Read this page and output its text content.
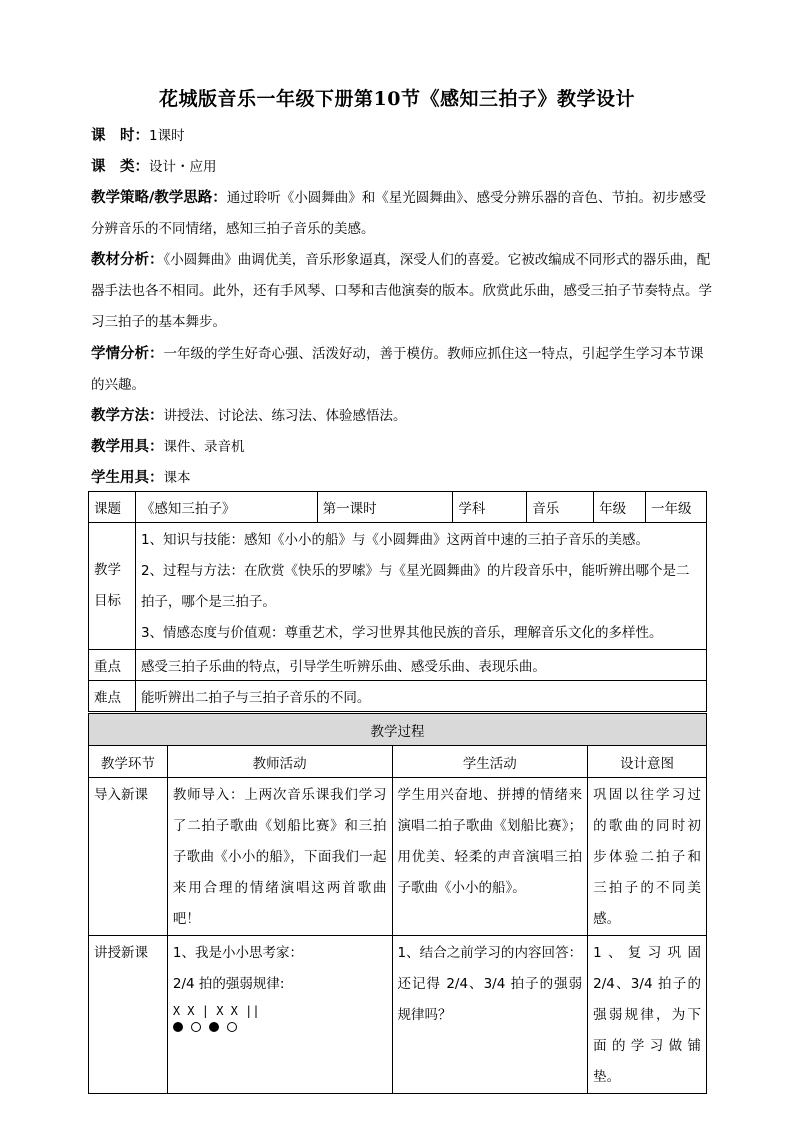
花城版音乐一年级下册第10节《感知三拍子》教学设计
课　时：1课时
课　类：设计・应用
教学策略/教学思路：通过聆听《小圆舞曲》和《星光圆舞曲》、感受分辨乐器的音色、节拍。初步感受分辨音乐的不同情绪，感知三拍子音乐的美感。
教材分析：《小圆舞曲》曲调优美，音乐形象逼真，深受人们的喜爱。它被改编成不同形式的器乐曲，配器手法也各不相同。此外，还有手风琴、口琴和吉他演奏的版本。欣赏此乐曲，感受三拍子节奏特点。学习三拍子的基本舞步。
学情分析：一年级的学生好奇心强、活泼好动，善于模仿。教师应抓住这一特点，引起学生学习本节课的兴趣。
教学方法：讲授法、讨论法、练习法、体验感悟法。
教学用具：课件、录音机
学生用具：课本
课题	《感知三拍子》	第一课时	学科	音乐	年级	一年级
教学目标	1、知识与技能：感知《小小的船》与《小圆舞曲》这两首中速的三拍子音乐的美感。
2、过程与方法：在欣赏《快乐的罗嗦》与《星光圆舞曲》的片段音乐中，能听辨出哪个是二拍子，哪个是三拍子。
3、情感态度与价值观：尊重艺术，学习世界其他民族的音乐，理解音乐文化的多样性。					

重点	感受三拍子乐曲的特点，引导学生听辨乐曲、感受乐曲、表现乐曲。					
难点	能听辨出二拍子与三拍子音乐的不同。					
教学过程			
教学环节	教师活动	学生活动	设计意图
导入新课	教师导入：上两次音乐课我们学习了二拍子歌曲《划船比赛》和三拍子歌曲《小小的船》，下面我们一起来用合理的情绪演唱这两首歌曲吧！	学生用兴奋地、拼搏的情绪来演唱二拍子歌曲《划船比赛》；用优美、轻柔的声音演唱三拍子歌曲《小小的船》。	巩固以往学习过的歌曲的同时初步体验二拍子和三拍子的不同美感。
讲授新课	1、我是小小思考家：
2/4 拍的强弱规律:
X X | X X ||	1、结合之前学习的内容回答：还记得 2/4、3/4 拍子的强弱规律吗？	1、复习巩固 2/4、3/4 拍子的强弱规律，为下面的学习做铺垫。
